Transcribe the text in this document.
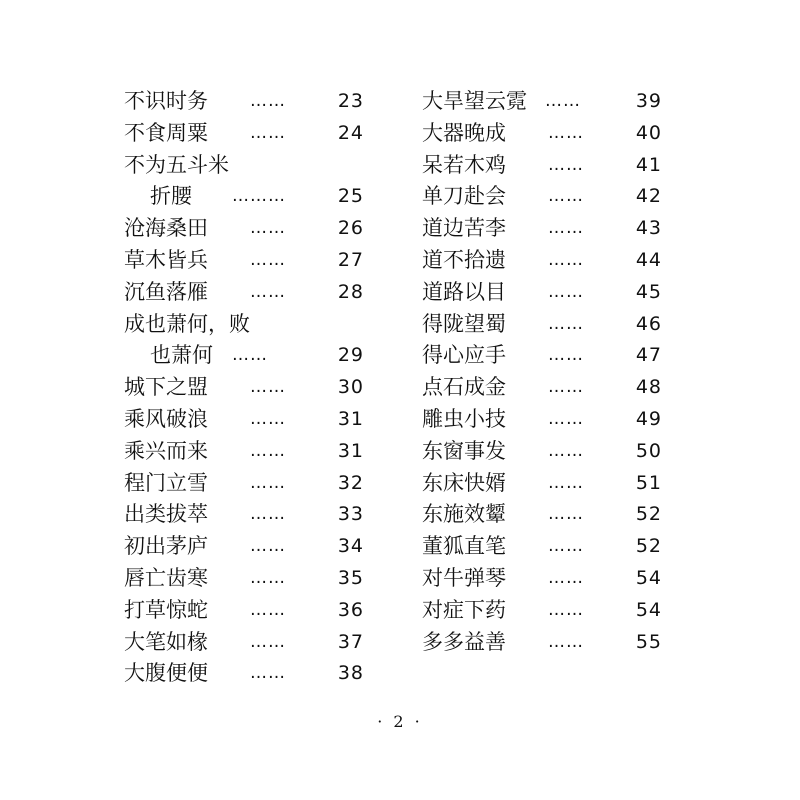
不识时务 ……	23
不食周粟 ……	24
不为五斗米
折腰 ………	25
沧海桑田 ……	26
草木皆兵 ……	27
沉鱼落雁 ……	28
成也萧何，败
也萧何 ……	29
城下之盟 ……	30
乘风破浪 ……	31
乘兴而来 ……	31
程门立雪 ……	32
出类拔萃 ……	33
初出茅庐 ……	34
唇亡齿寒 ……	35
打草惊蛇 ……	36
大笔如椽 ……	37
大腹便便 ……	38
大旱望云霓 ……	39
大器晚成 ……	40
呆若木鸡 ……	41
单刀赴会 ……	42
道边苦李 ……	43
道不拾遗 ……	44
道路以目 ……	45
得陇望蜀 ……	46
得心应手 ……	47
点石成金 ……	48
雕虫小技 ……	49
东窗事发 ……	50
东床快婿 ……	51
东施效颦 ……	52
董狐直笔 ……	52
对牛弹琴 ……	54
对症下药 ……	54
多多益善 ……	55
· 2 ·
